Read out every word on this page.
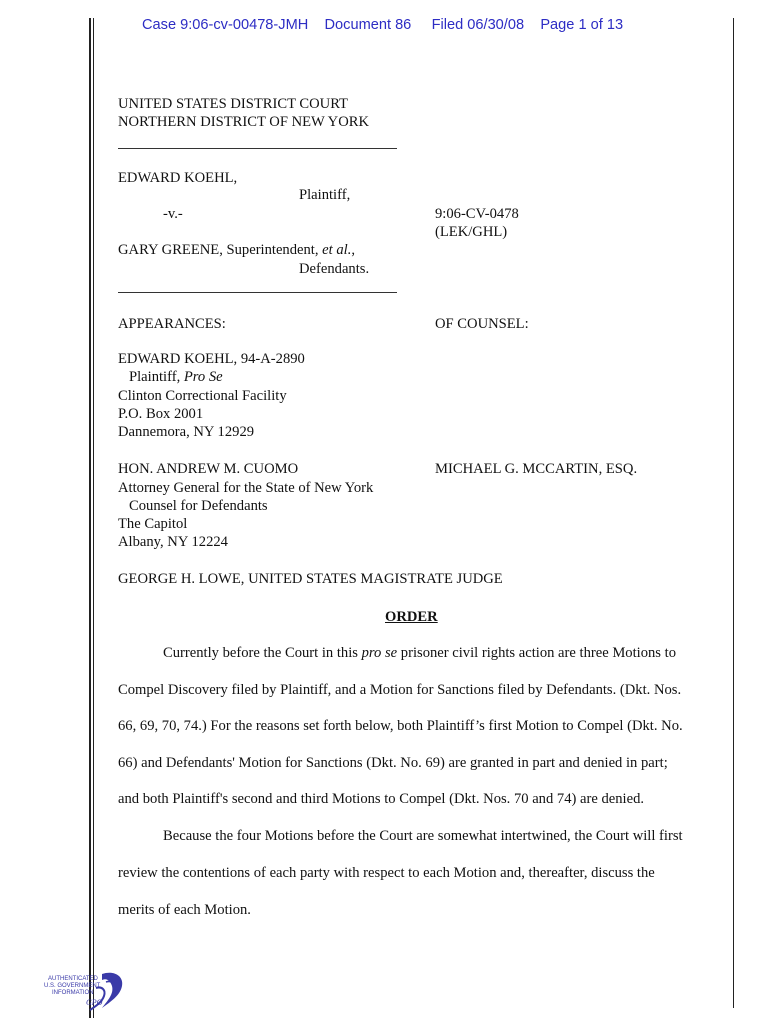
Case 9:06-cv-00478-JMH Document 86 Filed 06/30/08 Page 1 of 13
UNITED STATES DISTRICT COURT
NORTHERN DISTRICT OF NEW YORK
EDWARD KOEHL,
Plaintiff,
-v.-	9:06-CV-0478
(LEK/GHL)
GARY GREENE, Superintendent, et al.,
Defendants.
APPEARANCES:	OF COUNSEL:
EDWARD KOEHL, 94-A-2890
Plaintiff, Pro Se
Clinton Correctional Facility
P.O. Box 2001
Dannemora, NY 12929
HON. ANDREW M. CUOMO	MICHAEL G. MCCARTIN, ESQ.
Attorney General for the State of New York
Counsel for Defendants
The Capitol
Albany, NY 12224
GEORGE H. LOWE, UNITED STATES MAGISTRATE JUDGE
ORDER
Currently before the Court in this pro se prisoner civil rights action are three Motions to
Compel Discovery filed by Plaintiff, and a Motion for Sanctions filed by Defendants. (Dkt. Nos.
66, 69, 70, 74.) For the reasons set forth below, both Plaintiff’s first Motion to Compel (Dkt. No.
66) and Defendants' Motion for Sanctions (Dkt. No. 69) are granted in part and denied in part;
and both Plaintiff's second and third Motions to Compel (Dkt. Nos. 70 and 74) are denied.
Because the four Motions before the Court are somewhat intertwined, the Court will first
review the contentions of each party with respect to each Motion and, thereafter, discuss the
merits of each Motion.
AUTHENTICATED
U.S. GOVERNMENT
INFORMATION
GPO
